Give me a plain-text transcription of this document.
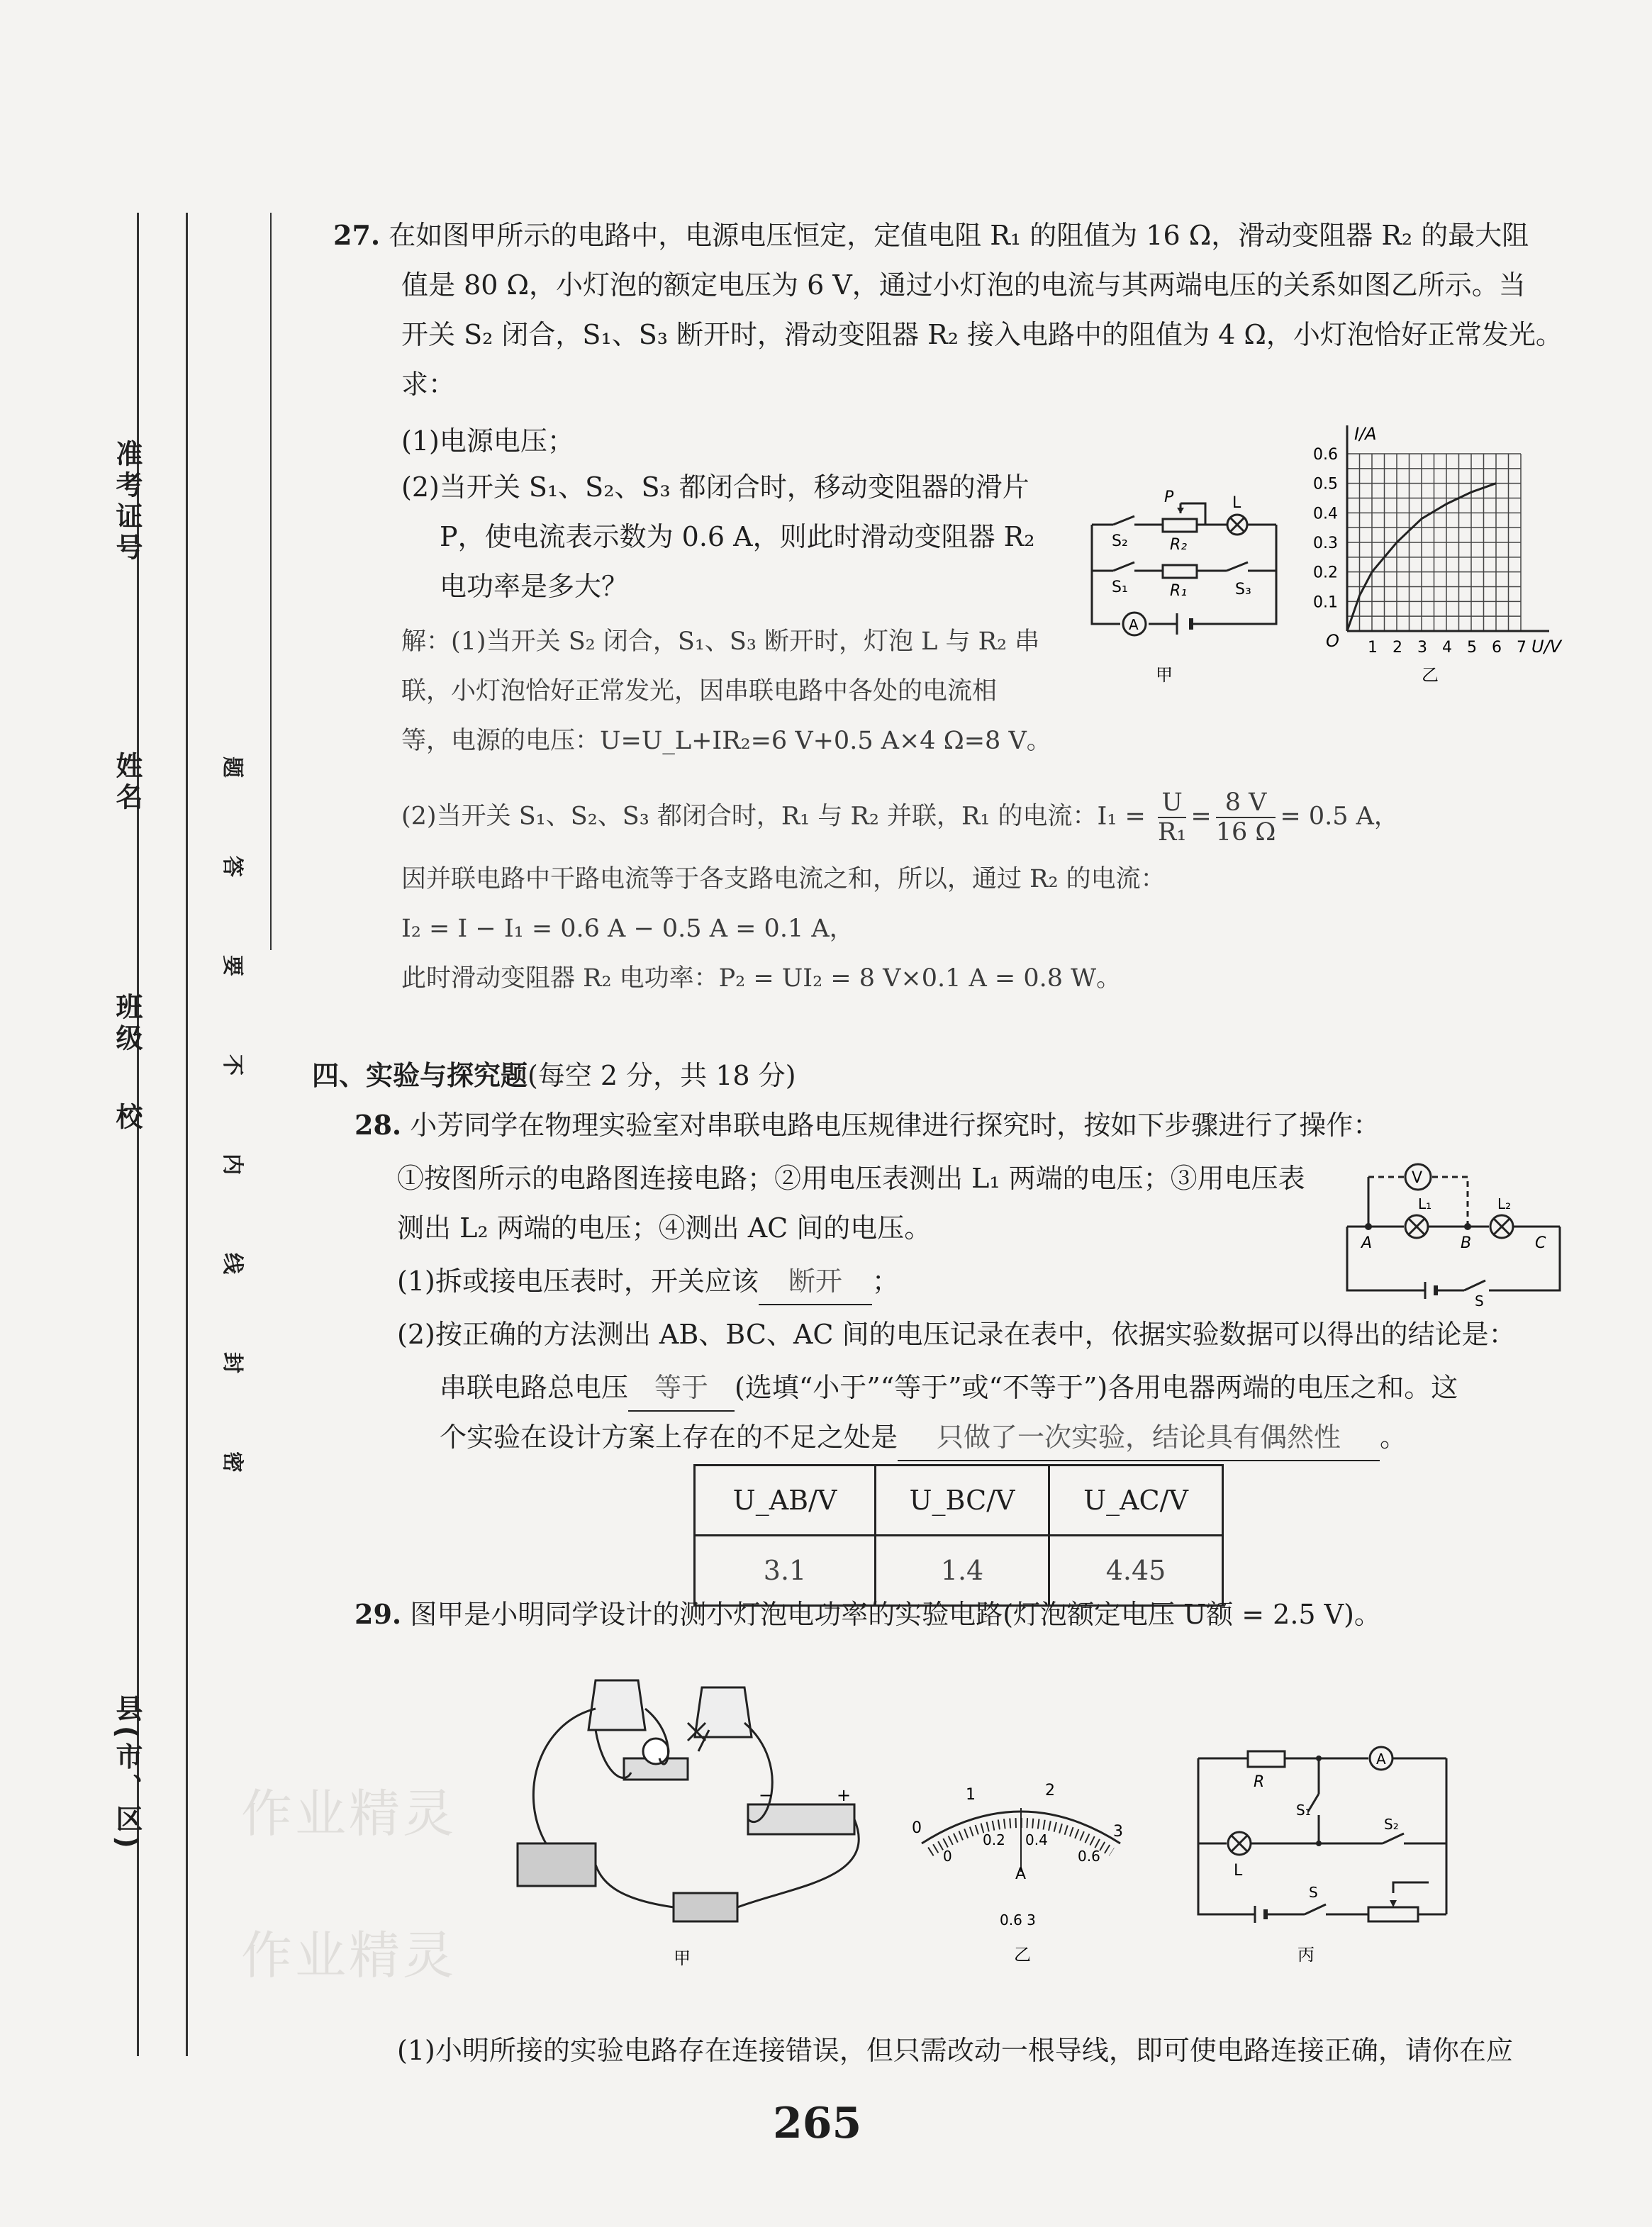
准考证号
姓名
班级
校
县(市、区)
密
封
线
内
不
要
答
题
27. 在如图甲所示的电路中，电源电压恒定，定值电阻 R₁ 的阻值为 16 Ω，滑动变阻器 R₂ 的最大阻
值是 80 Ω，小灯泡的额定电压为 6 V，通过小灯泡的电流与其两端电压的关系如图乙所示。当
开关 S₂ 闭合，S₁、S₃ 断开时，滑动变阻器 R₂ 接入电路中的阻值为 4 Ω，小灯泡恰好正常发光。
求：
(1)电源电压；
(2)当开关 S₁、S₂、S₃ 都闭合时，移动变阻器的滑片
P，使电流表示数为 0.6 A，则此时滑动变阻器 R₂
电功率是多大？
解：(1)当开关 S₂ 闭合，S₁、S₃ 断开时，灯泡 L 与 R₂ 串
联，小灯泡恰好正常发光，因串联电路中各处的电流相
等，电源的电压：U=U_L+IR₂=6 V+0.5 A×4 Ω=8 V。
(2)当开关 S₁、S₂、S₃ 都闭合时，R₁ 与 R₂ 并联，R₁ 的电流：$I_1 = \frac{U}{\text{R₁}} = \frac{8 V}{16 \Omega} = 0.5$ A，
因并联电路中干路电流等于各支路电流之和，所以，通过 R₂ 的电流：
I₂ = I − I₁ = 0.6 A − 0.5 A = 0.1 A，
此时滑动变阻器 R₂ 电功率：P₂ = UI₂ = 8 V×0.1 A = 0.8 W。
P	L
S₂	R₂
S₁	R₁	S₃
A
甲
1 2 3 4 5 6 7
0.1
0.2
0.3
0.4
0.5
0.6
I/A
U/V
O
乙
四、实验与探究题(每空 2 分，共 18 分)
28. 小芳同学在物理实验室对串联电路电压规律进行探究时，按如下步骤进行了操作：
①按图所示的电路图连接电路；②用电压表测出 L₁ 两端的电压；③用电压表
测出 L₂ 两端的电压；④测出 AC 间的电压。
(1)拆或接电压表时，开关应该 断开 ；
(2)按正确的方法测出 AB、BC、AC 间的电压记录在表中，依据实验数据可以得出的结论是：
串联电路总电压 等于 (选填“小于”“等于”或“不等于”)各用电器两端的电压之和。这
个实验在设计方案上存在的不足之处是 只做了一次实验，结论具有偶然性 。
U_AB/V	U_BC/V	U_AC/V
3.1	1.4	4.45
V
L₁	L₂
A	B	C
S
29. 图甲是小明同学设计的测小灯泡电功率的实验电路(灯泡额定电压 U额 = 2.5 V)。
−	+
甲
0
1	2
3
0
0.2 0.4
0.6
A
0.6 3
乙
R
A
S₁
S₂
L
S
丙
(1)小明所接的实验电路存在连接错误，但只需改动一根导线，即可使电路连接正确，请你在应
作业精灵
作业精灵
265
